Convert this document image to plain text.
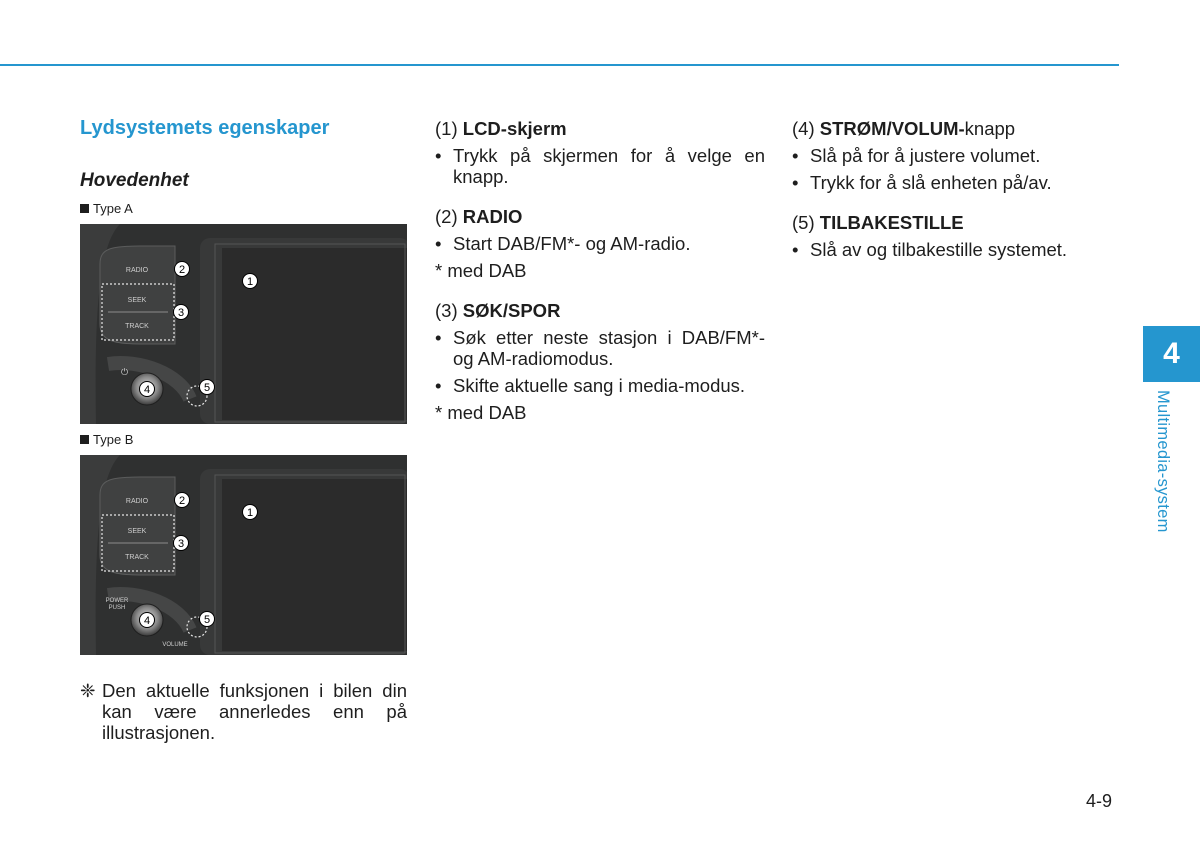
Lydsystemets egenskaper
Hovedenhet
Type A
RADIO
SEEK
TRACK
⏻
1
2
3
4	5
Type B
RADIO
SEEK
TRACK
POWER
PUSH
VOLUME
1
2
3
4	5
❈ Den aktuelle funksjonen i bilen din kan være annerledes enn på illustrasjonen.
(1) LCD-skjerm
• Trykk på skjermen for å velge en knapp.
(2) RADIO
• Start DAB/FM*- og AM-radio.
* med DAB
(3) SØK/SPOR
• Søk etter neste stasjon i DAB/FM*- og AM-radiomodus.
• Skifte aktuelle sang i media-modus.
* med DAB
(4) STRØM/VOLUM-knapp
• Slå på for å justere volumet.
• Trykk for å slå enheten på/av.
(5) TILBAKESTILLE
• Slå av og tilbakestille systemet.
4
Multimedia-system
4-9
